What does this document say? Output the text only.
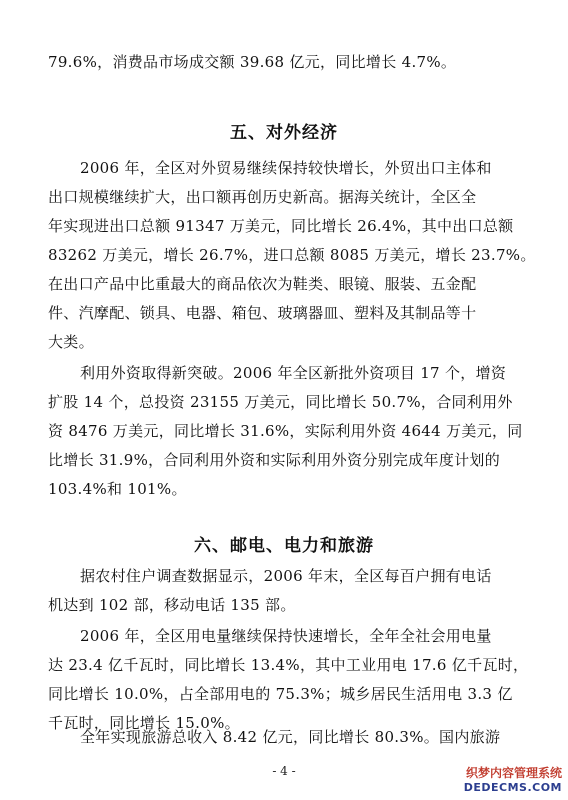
79.6%，消费品市场成交额 39.68 亿元，同比增长 4.7%。
五、对外经济
2006 年，全区对外贸易继续保持较快增长，外贸出口主体和
出口规模继续扩大，出口额再创历史新高。据海关统计，全区全
年实现进出口总额 91347 万美元，同比增长 26.4%，其中出口总额
83262 万美元，增长 26.7%，进口总额 8085 万美元，增长 23.7%。
在出口产品中比重最大的商品依次为鞋类、眼镜、服装、五金配
件、汽摩配、锁具、电器、箱包、玻璃器皿、塑料及其制品等十
大类。
利用外资取得新突破。2006 年全区新批外资项目 17 个，增资
扩股 14 个，总投资 23155 万美元，同比增长 50.7%，合同利用外
资 8476 万美元，同比增长 31.6%，实际利用外资 4644 万美元，同
比增长 31.9%，合同利用外资和实际利用外资分别完成年度计划的
103.4%和 101%。
六、邮电、电力和旅游
据农村住户调查数据显示，2006 年末，全区每百户拥有电话
机达到 102 部，移动电话 135 部。
2006 年，全区用电量继续保持快速增长，全年全社会用电量
达 23.4 亿千瓦时，同比增长 13.4%，其中工业用电 17.6 亿千瓦时，
同比增长 10.0%，占全部用电的 75.3%；城乡居民生活用电 3.3 亿
千瓦时，同比增长 15.0%。
全年实现旅游总收入 8.42 亿元，同比增长 80.3%。国内旅游
- 4 -	织梦内容管理系统
DEDECMS.COM
